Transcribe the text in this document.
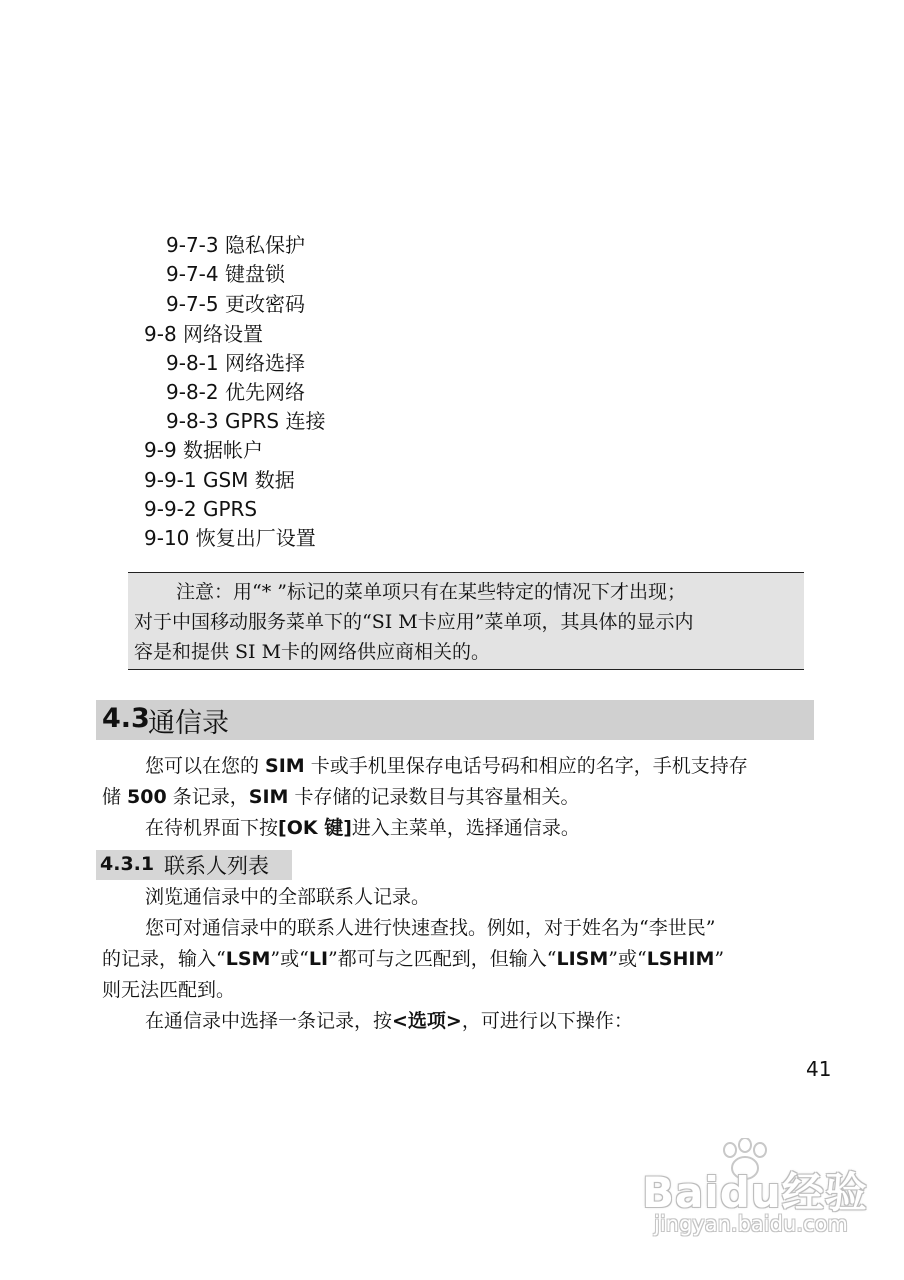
9-7-3 隐私保护
9-7-4 键盘锁
9-7-5 更改密码
9-8 网络设置
9-8-1 网络选择
9-8-2 优先网络
9-8-3 GPRS 连接
9-9 数据帐户
9-9-1 GSM 数据
9-9-2 GPRS
9-10 恢复出厂设置
注意：用“* ”标记的菜单项只有在某些特定的情况下才出现；
对于中国移动服务菜单下的“SI M卡应用”菜单项，其具体的显示内
容是和提供 SI M卡的网络供应商相关的。
4.3
通信录
您可以在您的 SIM 卡或手机里保存电话号码和相应的名字，手机支持存
储 500 条记录，SIM 卡存储的记录数目与其容量相关。
在待机界面下按[OK 键]进入主菜单，选择通信录。
4.3.1 联系人列表
浏览通信录中的全部联系人记录。
您可对通信录中的联系人进行快速查找。例如，对于姓名为“李世民”
的记录，输入“LSM”或“LI”都可与之匹配到，但输入“LISM”或“LSHIM”
则无法匹配到。
在通信录中选择一条记录，按<选项>，可进行以下操作：
41
Baidu经验
jingyan.baidu.com
